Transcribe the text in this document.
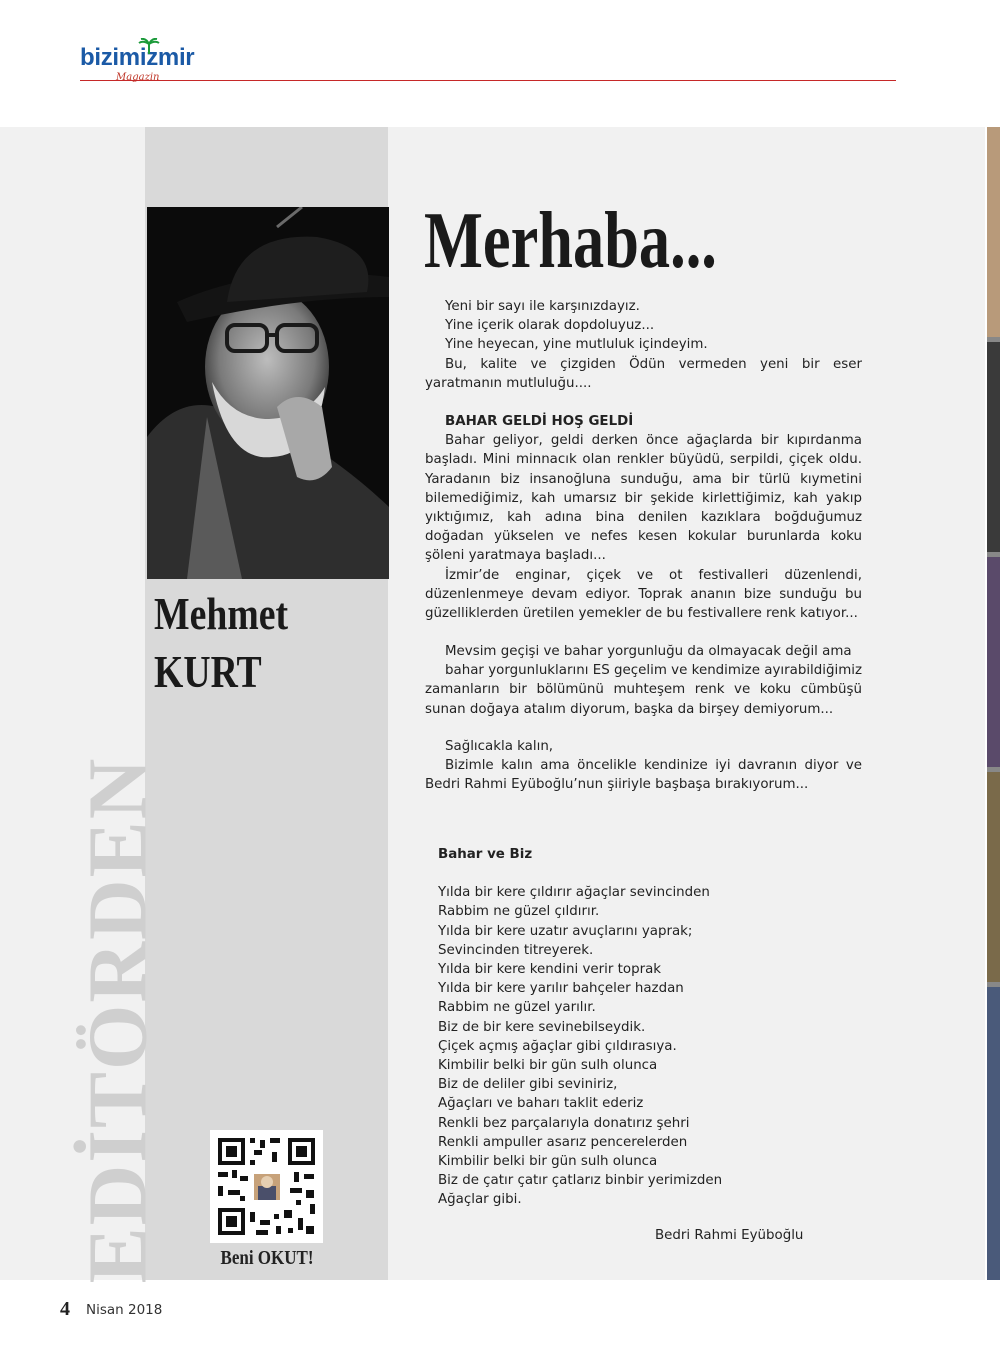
bizimizmir
Magazin
Mehmet
KURT
EDİTÖRDEN	Beni OKUT!
Merhaba...

Yeni bir sayı ile karşınızdayız.

Yine içerik olarak dopdoluyuz...

Yine heyecan, yine mutluluk içindeyim.

Bu, kalite ve çizgiden Ödün vermeden yeni bir eser yaratmanın mutluluğu....

BAHAR GELDİ HOŞ GELDİ

Bahar geliyor, geldi derken önce ağaçlarda bir kıpırdanma başladı. Mini minnacık olan renkler büyüdü, serpildi, çiçek oldu. Yaradanın biz insanoğluna sunduğu, ama bir türlü kıymetini bilemediğimiz, kah umarsız bir şekide kirlettiğimiz, kah yakıp yıktığımız, kah adına bina denilen kazıklara boğduğumuz doğadan yükselen ve nefes kesen kokular burunlarda koku şöleni yaratmaya başladı...

İzmir’de enginar, çiçek ve ot festivalleri düzenlendi, düzenlenmeye devam ediyor. Toprak ananın bize sunduğu bu güzelliklerden üretilen yemekler de bu festivallere renk katıyor...

Mevsim geçişi ve bahar yorgunluğu da olmayacak değil ama

bahar yorgunluklarını ES geçelim ve kendimize ayırabildiğimiz zamanların bir bölümünü muhteşem renk ve koku cümbüşü sunan doğaya atalım diyorum, başka da birşey demiyorum...

Sağlıcakla kalın,

Bizimle kalın ama öncelikle kendinize iyi davranın diyor ve Bedri Rahmi Eyüboğlu’nun şiiriyle başbaşa bırakıyorum...

Bahar ve Biz
Yılda bir kere çıldırır ağaçlar sevincinden
Rabbim ne güzel çıldırır.
Yılda bir kere uzatır avuçlarını yaprak;
Sevincinden titreyerek.
Yılda bir kere kendini verir toprak
Yılda bir kere yarılır bahçeler hazdan
Rabbim ne güzel yarılır.
Biz de bir kere sevinebilseydik.
Çiçek açmış ağaçlar gibi çıldırasıya.
Kimbilir belki bir gün sulh olunca
Biz de deliler gibi seviniriz,
Ağaçları ve baharı taklit ederiz
Renkli bez parçalarıyla donatırız şehri
Renkli ampuller asarız pencerelerden
Kimbilir belki bir gün sulh olunca
Biz de çatır çatır çatlarız binbir yerimizden
Ağaçlar gibi.
Bedri Rahmi Eyüboğlu
4 Nisan 2018
